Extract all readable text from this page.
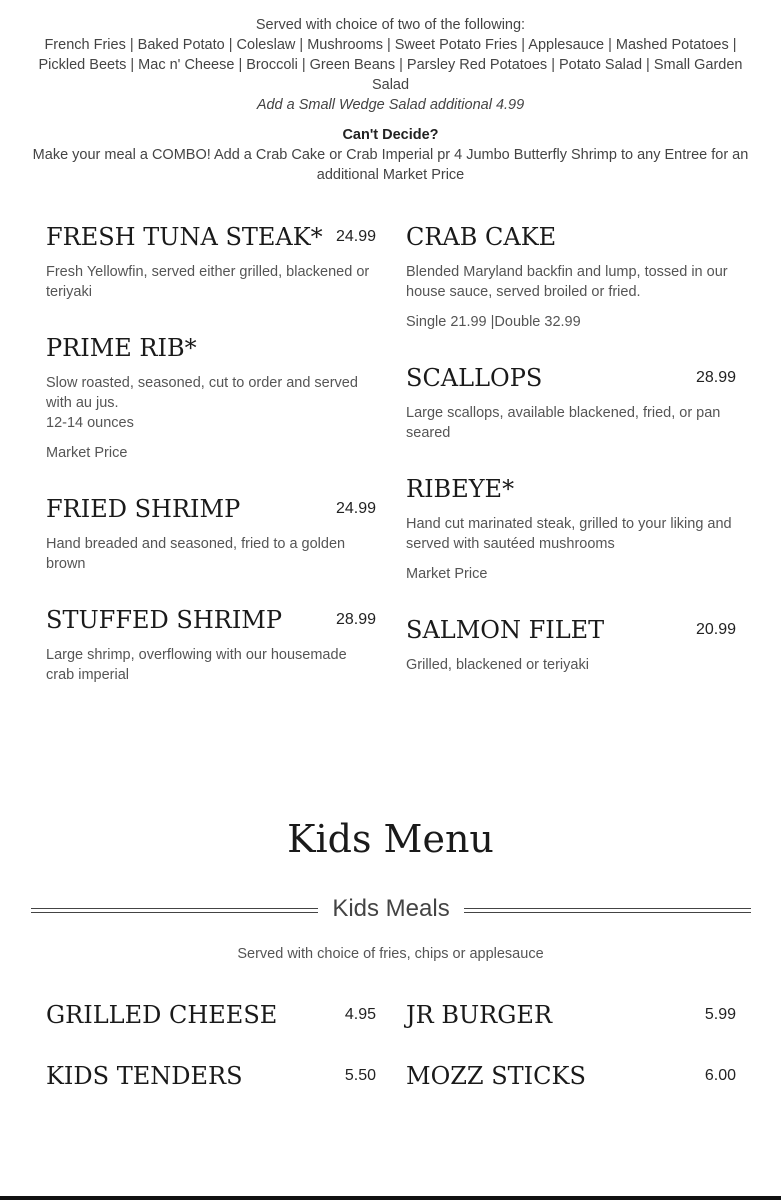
Served with choice of two of the following:
French Fries | Baked Potato | Coleslaw | Mushrooms | Sweet Potato Fries | Applesauce | Mashed Potatoes | Pickled Beets | Mac n' Cheese | Broccoli | Green Beans | Parsley Red Potatoes | Potato Salad | Small Garden Salad
Add a Small Wedge Salad additional 4.99
Can't Decide?
Make your meal a COMBO! Add a Crab Cake or Crab Imperial pr 4 Jumbo Butterfly Shrimp to any Entree for an additional Market Price
FRESH TUNA STEAK* 24.99
Fresh Yellowfin, served either grilled, blackened or teriyaki
PRIME RIB*
Slow roasted, seasoned, cut to order and served with au jus.
12-14 ounces
Market Price
FRIED SHRIMP	24.99
Hand breaded and seasoned, fried to a golden brown
STUFFED SHRIMP	28.99
Large shrimp, overflowing with our housemade crab imperial
CRAB CAKE
Blended Maryland backfin and lump, tossed in our house sauce, served broiled or fried.
Single 21.99 |Double 32.99
SCALLOPS	28.99
Large scallops, available blackened, fried, or pan seared
RIBEYE*
Hand cut marinated steak, grilled to your liking and served with sautéed mushrooms
Market Price
SALMON FILET	20.99
Grilled, blackened or teriyaki
Kids Menu
Kids Meals
Served with choice of fries, chips or applesauce
GRILLED CHEESE	4.95
KIDS TENDERS	5.50
JR BURGER	5.99
MOZZ STICKS	6.00
